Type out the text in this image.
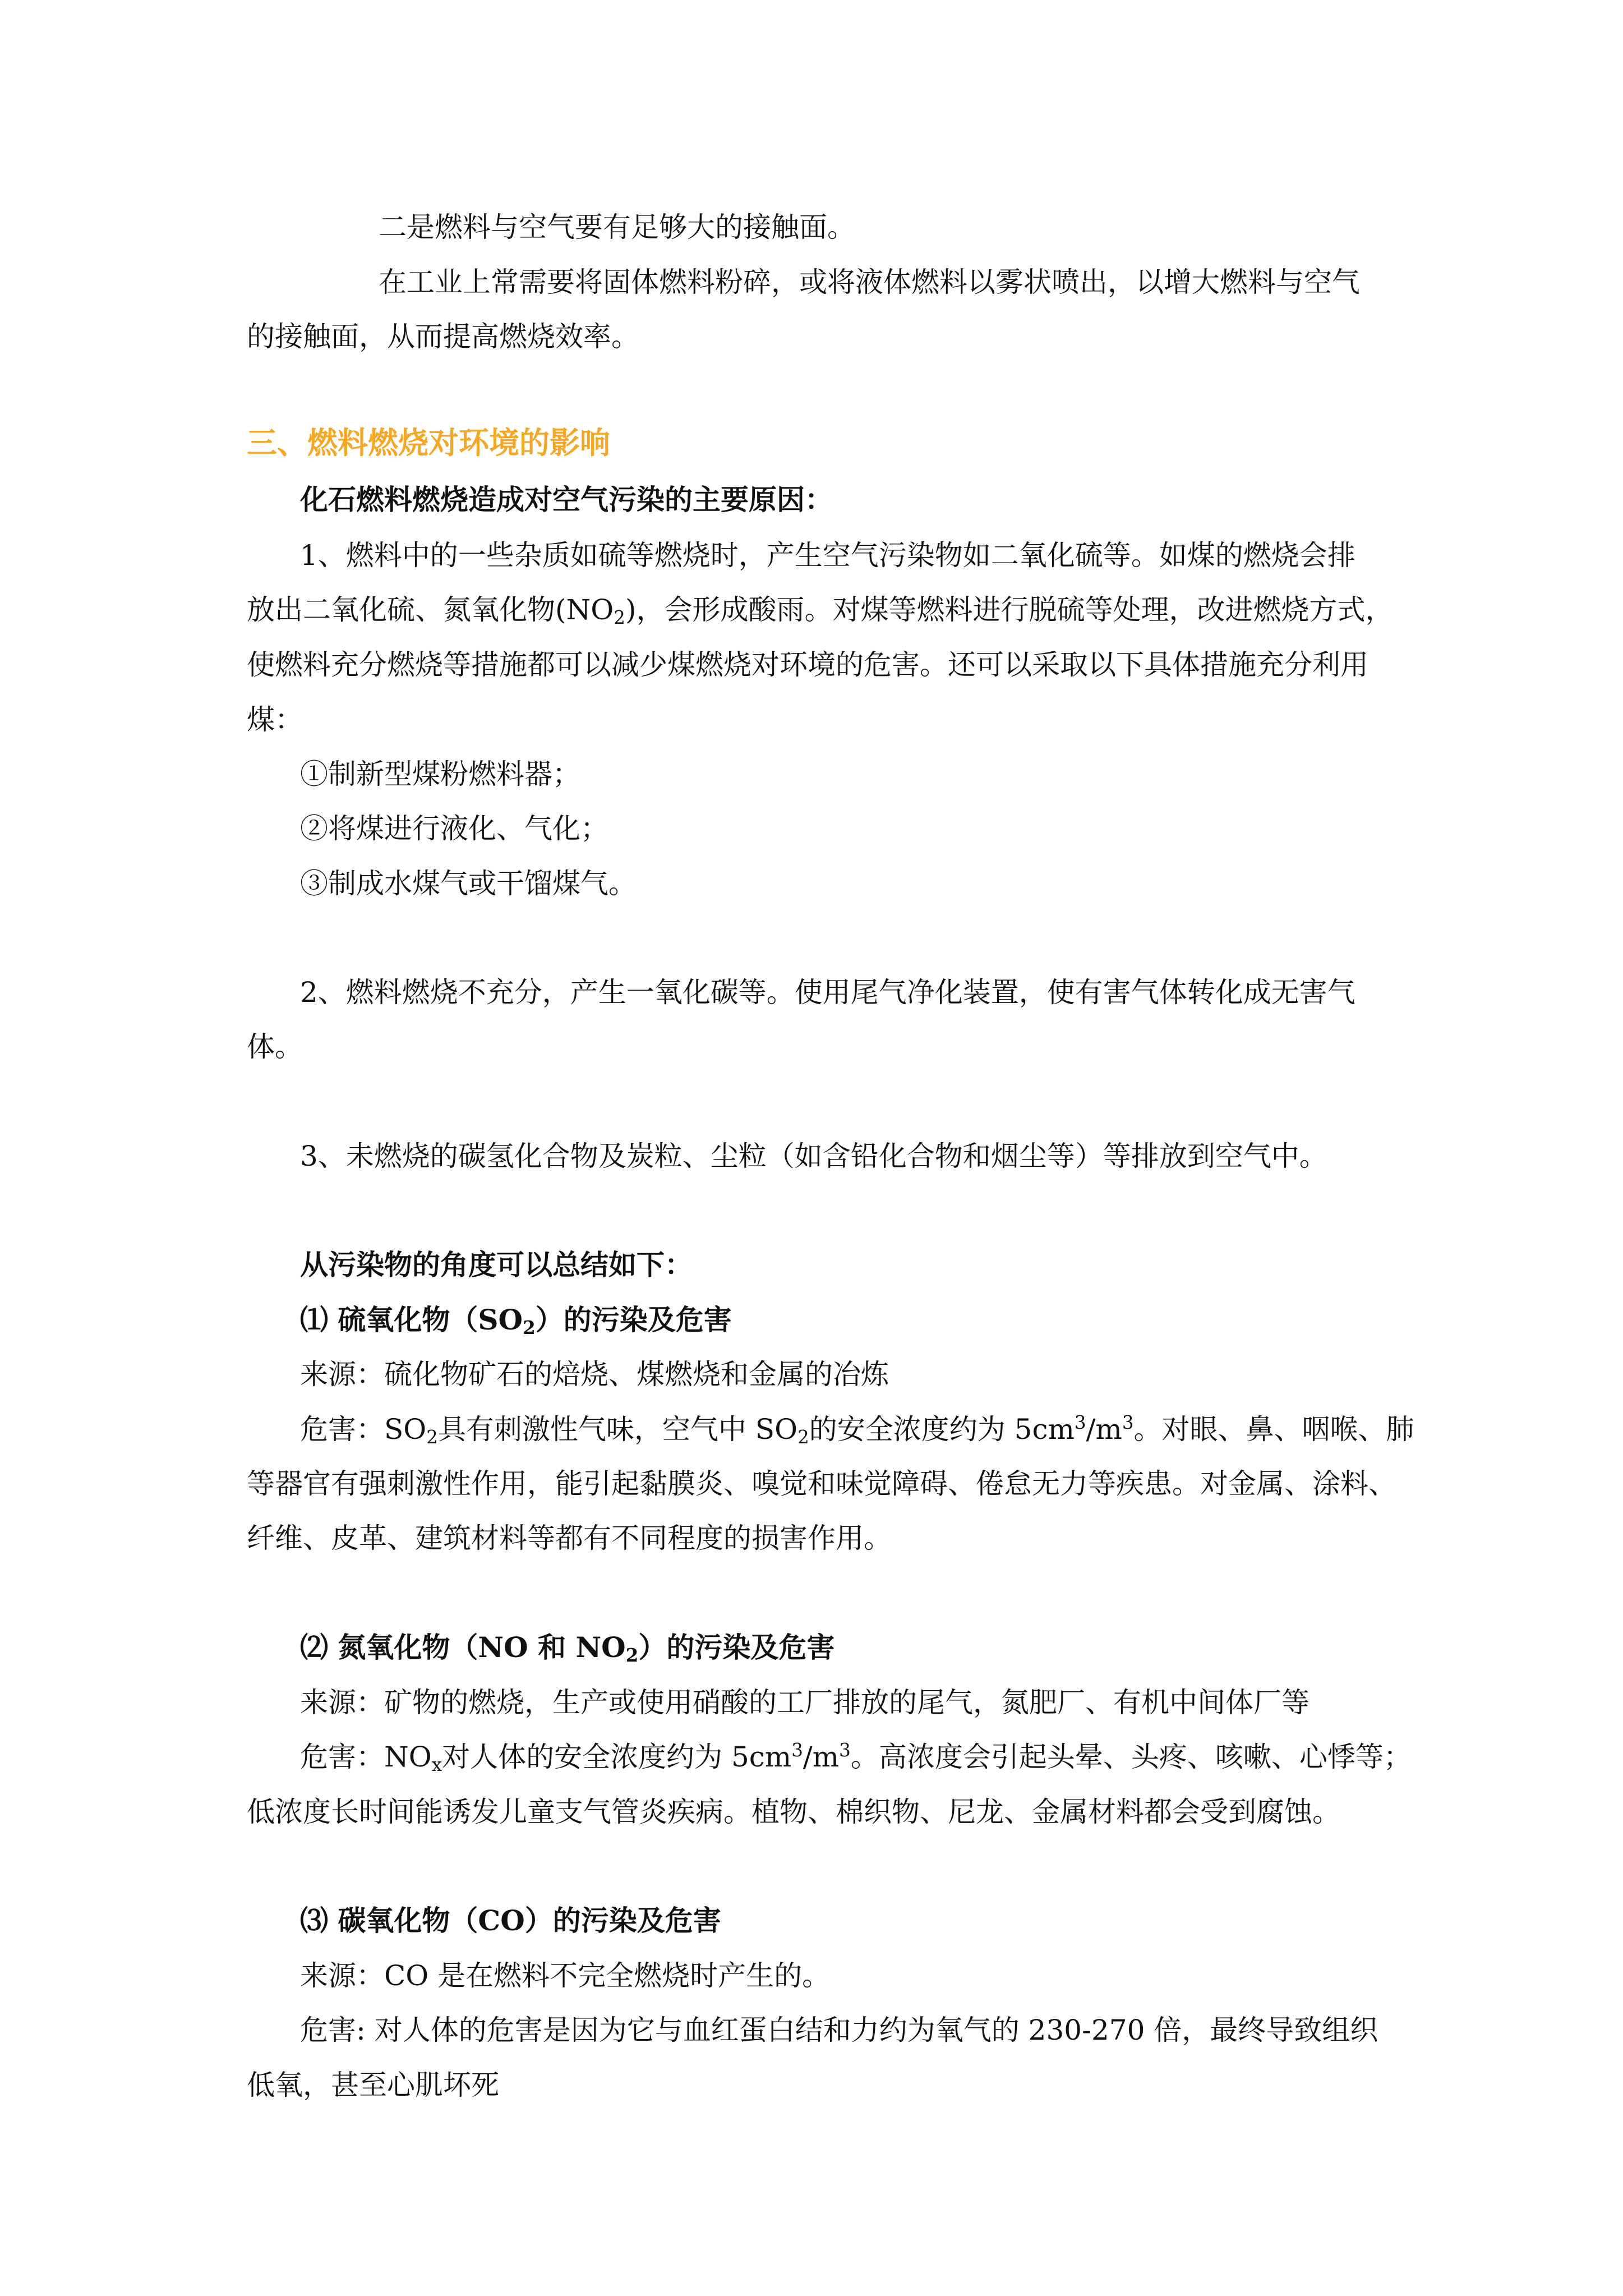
二是燃料与空气要有足够大的接触面。

在工业上常需要将固体燃料粉碎，或将液体燃料以雾状喷出，以增大燃料与空气

的接触面，从而提高燃烧效率。

三、燃料燃烧对环境的影响

化石燃料燃烧造成对空气污染的主要原因：

1、燃料中的一些杂质如硫等燃烧时，产生空气污染物如二氧化硫等。如煤的燃烧会排

放出二氧化硫、氮氧化物$(NO_2)$，会形成酸雨。对煤等燃料进行脱硫等处理，改进燃烧方式，

使燃料充分燃烧等措施都可以减少煤燃烧对环境的危害。还可以采取以下具体措施充分利用

煤：

①制新型煤粉燃料器；

②将煤进行液化、气化；

③制成水煤气或干馏煤气。

2、燃料燃烧不充分，产生一氧化碳等。使用尾气净化装置，使有害气体转化成无害气

体。

3、未燃烧的碳氢化合物及炭粒、尘粒（如含铅化合物和烟尘等）等排放到空气中。

从污染物的角度可以总结如下：

⑴ 硫氧化物$(SO_2)$的污染及危害

来源：硫化物矿石的焙烧、煤燃烧和金属的冶炼

危害：$SO_2$具有刺激性气味，空气中 $SO_2$的安全浓度约为 $5cm^3/m^3$。对眼、鼻、咽喉、肺

等器官有强刺激性作用，能引起黏膜炎、嗅觉和味觉障碍、倦怠无力等疾患。对金属、涂料、

纤维、皮革、建筑材料等都有不同程度的损害作用。

⑵ 氮氧化物（NO 和 $NO_2$）的污染及危害

来源：矿物的燃烧，生产或使用硝酸的工厂排放的尾气，氮肥厂、有机中间体厂等

危害：$NO_x$对人体的安全浓度约为 $5cm^3/m^3$。高浓度会引起头晕、头疼、咳嗽、心悸等；

低浓度长时间能诱发儿童支气管炎疾病。植物、棉织物、尼龙、金属材料都会受到腐蚀。

⑶ 碳氧化物（CO）的污染及危害

来源：CO 是在燃料不完全燃烧时产生的。

危害: 对人体的危害是因为它与血红蛋白结和力约为氧气的 230-270 倍，最终导致组织

低氧，甚至心肌坏死
